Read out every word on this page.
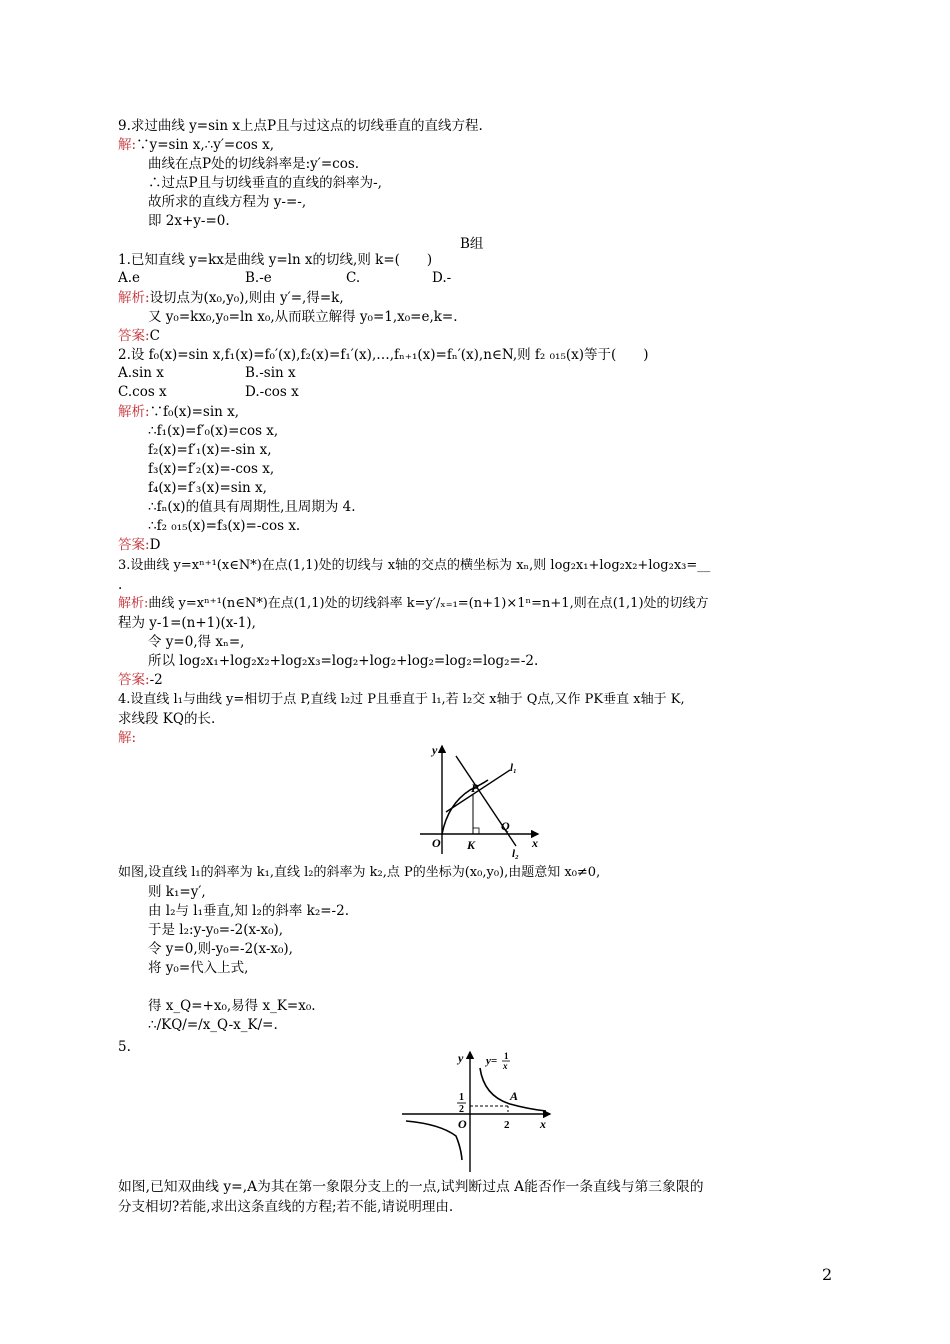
9.求过曲线 y=sin x上点P且与过这点的切线垂直的直线方程.
解:∵y=sin x,∴y′=cos x,
曲线在点P处的切线斜率是:y′=cos.
∴过点P且与切线垂直的直线的斜率为-,
故所求的直线方程为 y-=-,
即 2x+y-=0.
B组
1.已知直线 y=kx是曲线 y=ln x的切线,则 k=(　　)
A.e	B.-e	C.	D.-
解析:设切点为(x₀,y₀),则由 y′=,得=k,
又 y₀=kx₀,y₀=ln x₀,从而联立解得 y₀=1,x₀=e,k=.
答案:C
2.设 f₀(x)=sin x,f₁(x)=f₀′(x),f₂(x)=f₁′(x),…,fₙ₊₁(x)=fₙ′(x),n∈N,则 f₂ ₀₁₅(x)等于(　　)
A.sin x	B.-sin x
C.cos x	D.-cos x
解析:∵f₀(x)=sin x,
∴f₁(x)=f′₀(x)=cos x,
f₂(x)=f′₁(x)=-sin x,
f₃(x)=f′₂(x)=-cos x,
f₄(x)=f′₃(x)=sin x,
∴fₙ(x)的值具有周期性,且周期为 4.
∴f₂ ₀₁₅(x)=f₃(x)=-cos x.
答案:D
3.设曲线 y=xⁿ⁺¹(x∈N*)在点(1,1)处的切线与 x轴的交点的横坐标为 xₙ,则 log₂x₁+log₂x₂+log₂x₃=__
.
解析:曲线 y=xⁿ⁺¹(n∈N*)在点(1,1)处的切线斜率 k=y′/ₓ₌₁=(n+1)×1ⁿ=n+1,则在点(1,1)处的切线方
程为 y-1=(n+1)(x-1),
令 y=0,得 xₙ=,
所以 log₂x₁+log₂x₂+log₂x₃=log₂+log₂+log₂=log₂=log₂=-2.
答案:-2
4.设直线 l₁与曲线 y=相切于点 P,直线 l₂过 P且垂直于 l₁,若 l₂交 x轴于 Q点,又作 PK垂直 x轴于 K,
求线段 KQ的长.
解:
y
x
O
P
K
Q
l₁
l₂
如图,设直线 l₁的斜率为 k₁,直线 l₂的斜率为 k₂,点 P的坐标为(x₀,y₀),由题意知 x₀≠0,
则 k₁=y′,
由 l₂与 l₁垂直,知 l₂的斜率 k₂=-2.
于是 l₂:y-y₀=-2(x-x₀),
令 y=0,则-y₀=-2(x-x₀),
将 y₀=代入上式,
得 x_Q=+x₀,易得 x_K=x₀.
∴/KQ/=/x_Q-x_K/=.
5.
y
x
O
A
2
1
2
y= 1
x
如图,已知双曲线 y=,A为其在第一象限分支上的一点,试判断过点 A能否作一条直线与第三象限的
分支相切?若能,求出这条直线的方程;若不能,请说明理由.
2
